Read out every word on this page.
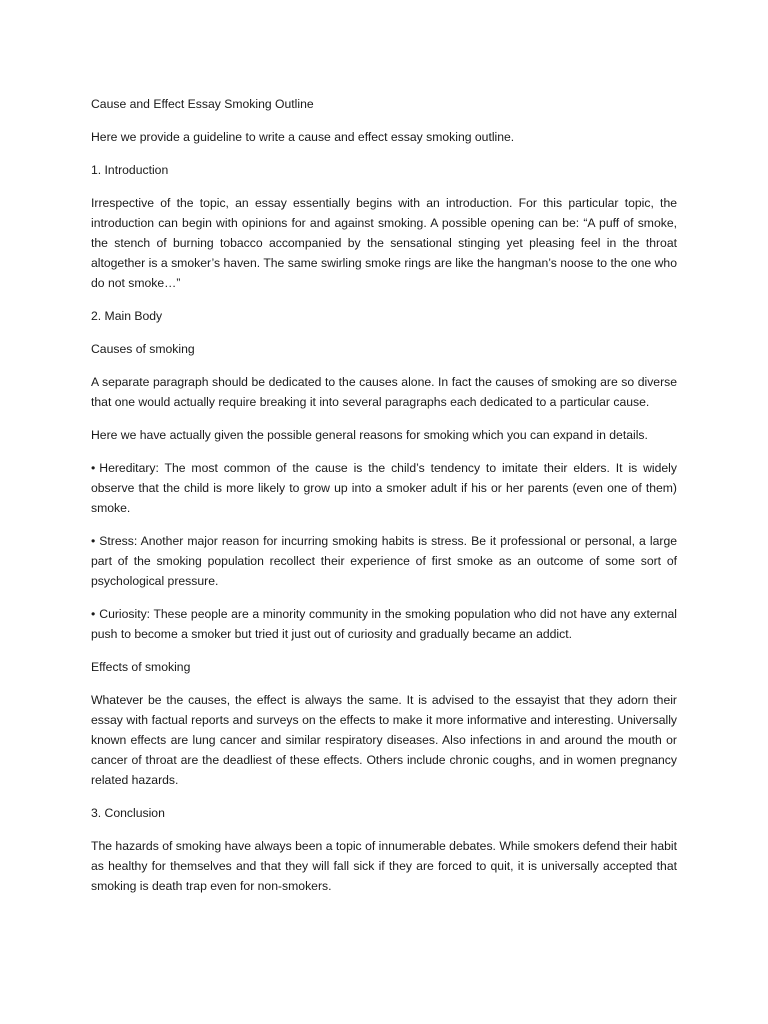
Cause and Effect Essay Smoking Outline

Here we provide a guideline to write a cause and effect essay smoking outline.

1. Introduction

Irrespective of the topic, an essay essentially begins with an introduction. For this particular topic, the introduction can begin with opinions for and against smoking. A possible opening can be: “A puff of smoke, the stench of burning tobacco accompanied by the sensational stinging yet pleasing feel in the throat altogether is a smoker’s haven. The same swirling smoke rings are like the hangman’s noose to the one who do not smoke…”

2. Main Body

Causes of smoking

A separate paragraph should be dedicated to the causes alone. In fact the causes of smoking are so diverse that one would actually require breaking it into several paragraphs each dedicated to a particular cause.

Here we have actually given the possible general reasons for smoking which you can expand in details.

• Hereditary: The most common of the cause is the child’s tendency to imitate their elders. It is widely observe that the child is more likely to grow up into a smoker adult if his or her parents (even one of them) smoke.

• Stress: Another major reason for incurring smoking habits is stress. Be it professional or personal, a large part of the smoking population recollect their experience of first smoke as an outcome of some sort of psychological pressure.

• Curiosity: These people are a minority community in the smoking population who did not have any external push to become a smoker but tried it just out of curiosity and gradually became an addict.

Effects of smoking

Whatever be the causes, the effect is always the same. It is advised to the essayist that they adorn their essay with factual reports and surveys on the effects to make it more informative and interesting. Universally known effects are lung cancer and similar respiratory diseases. Also infections in and around the mouth or cancer of throat are the deadliest of these effects. Others include chronic coughs, and in women pregnancy related hazards.

3. Conclusion

The hazards of smoking have always been a topic of innumerable debates. While smokers defend their habit as healthy for themselves and that they will fall sick if they are forced to quit, it is universally accepted that smoking is death trap even for non-smokers.
